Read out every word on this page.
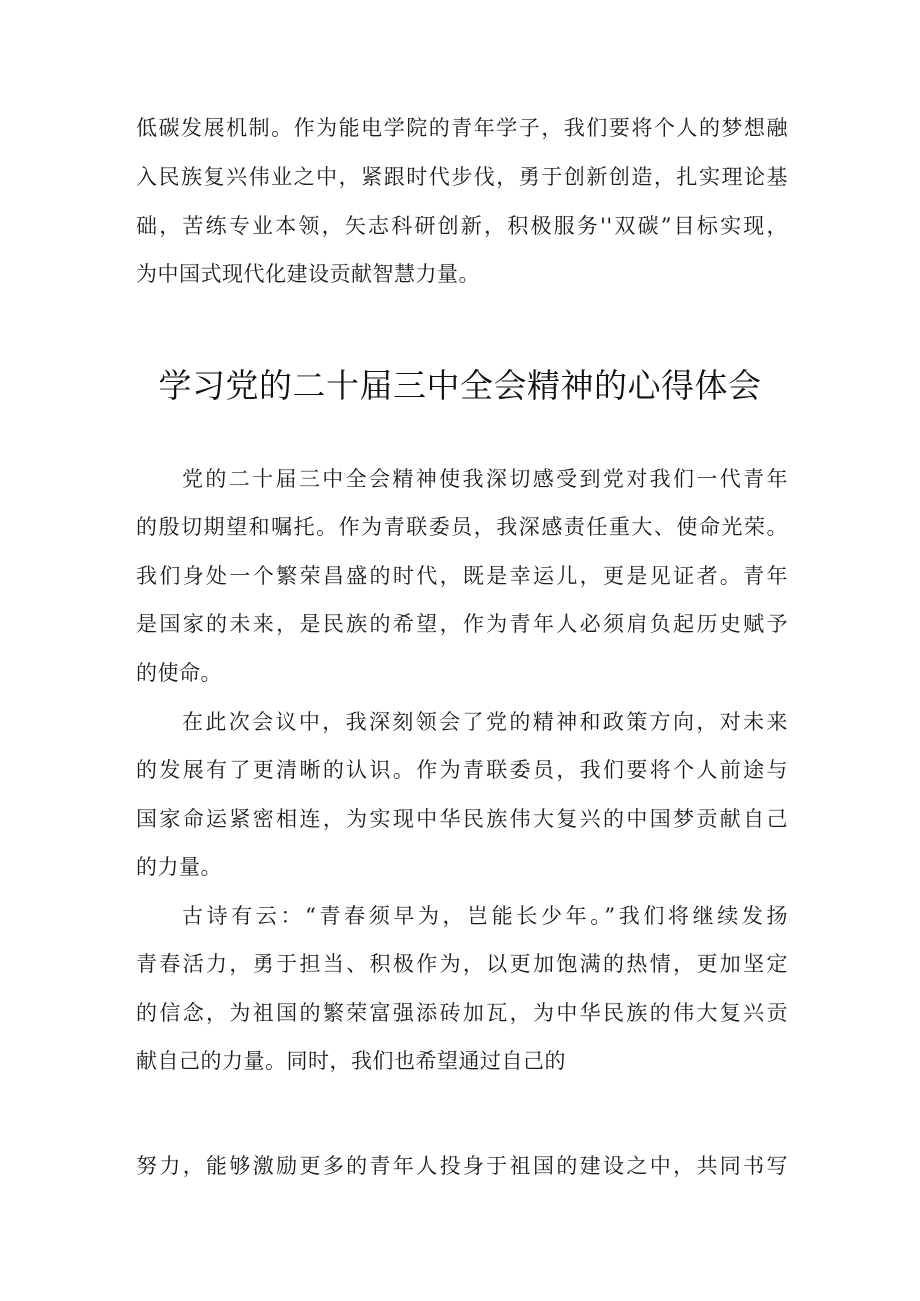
低碳发展机制。作为能电学院的青年学子，我们要将个人的梦想融
入民族复兴伟业之中，紧跟时代步伐，勇于创新创造，扎实理论基
础，苦练专业本领，矢志科研创新，积极服务''双碳”目标实现，
为中国式现代化建设贡献智慧力量。
学习党的二十届三中全会精神的心得体会
党的二十届三中全会精神使我深切感受到党对我们一代青年
的殷切期望和嘱托。作为青联委员，我深感责任重大、使命光荣。
我们身处一个繁荣昌盛的时代，既是幸运儿，更是见证者。青年
是国家的未来，是民族的希望，作为青年人必须肩负起历史赋予
的使命。
在此次会议中，我深刻领会了党的精神和政策方向，对未来
的发展有了更清晰的认识。作为青联委员，我们要将个人前途与
国家命运紧密相连，为实现中华民族伟大复兴的中国梦贡献自己
的力量。
古诗有云：“青春须早为，岂能长少年。”我们将继续发扬
青春活力，勇于担当、积极作为，以更加饱满的热情，更加坚定
的信念，为祖国的繁荣富强添砖加瓦，为中华民族的伟大复兴贡
献自己的力量。同时，我们也希望通过自己的
努力，能够激励更多的青年人投身于祖国的建设之中，共同书写
